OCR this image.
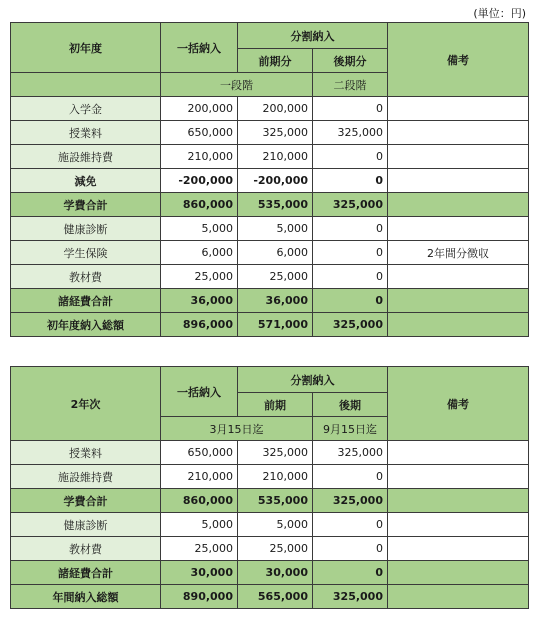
(単位：円)
初年度	一括納入	分割納入		備考
		前期分	後期分	
	一段階		二段階	
入学金	200,000	200,000	0	
授業料	650,000	325,000	325,000	
施設維持費	210,000	210,000	0	
減免	-200,000	-200,000	0	
学費合計	860,000	535,000	325,000	
健康診断	5,000	5,000	0	
学生保険	6,000	6,000	0	2年間分徴収
教材費	25,000	25,000	0	
諸経費合計	36,000	36,000	0	
初年度納入総額	896,000	571,000	325,000	
2年次	一括納入	分割納入		備考
		前期	後期	
	3月15日迄		9月15日迄	
授業料	650,000	325,000	325,000	
施設維持費	210,000	210,000	0	
学費合計	860,000	535,000	325,000	
健康診断	5,000	5,000	0	
教材費	25,000	25,000	0	
諸経費合計	30,000	30,000	0	
年間納入総額	890,000	565,000	325,000	
